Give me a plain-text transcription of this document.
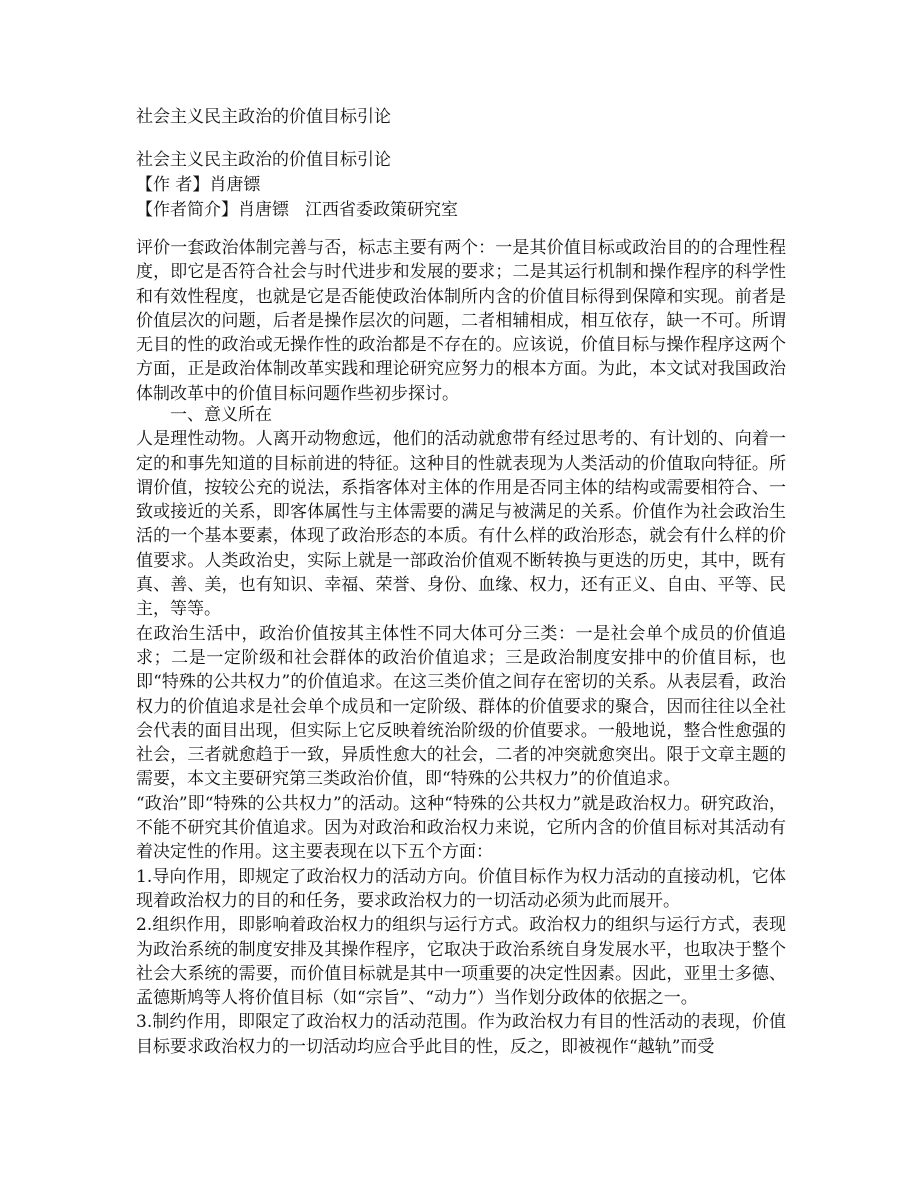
社会主义民主政治的价值目标引论
社会主义民主政治的价值目标引论
【作 者】肖唐镖
【作者简介】肖唐镖 江西省委政策研究室

评价一套政治体制完善与否，标志主要有两个：一是其价值目标或政治目的的合理性程度，即它是否符合社会与时代进步和发展的要求；二是其运行机制和操作程序的科学性和有效性程度，也就是它是否能使政治体制所内含的价值目标得到保障和实现。前者是价值层次的问题，后者是操作层次的问题，二者相辅相成，相互依存，缺一不可。所谓无目的性的政治或无操作性的政治都是不存在的。应该说，价值目标与操作程序这两个方面，正是政治体制改革实践和理论研究应努力的根本方面。为此，本文试对我国政治体制改革中的价值目标问题作些初步探讨。

一、意义所在

人是理性动物。人离开动物愈远，他们的活动就愈带有经过思考的、有计划的、向着一定的和事先知道的目标前进的特征。这种目的性就表现为人类活动的价值取向特征。所谓价值，按较公充的说法，系指客体对主体的作用是否同主体的结构或需要相符合、一致或接近的关系，即客体属性与主体需要的满足与被满足的关系。价值作为社会政治生活的一个基本要素，体现了政治形态的本质。有什么样的政治形态，就会有什么样的价值要求。人类政治史，实际上就是一部政治价值观不断转换与更迭的历史，其中，既有真、善、美，也有知识、幸福、荣誉、身份、血缘、权力，还有正义、自由、平等、民主，等等。

在政治生活中，政治价值按其主体性不同大体可分三类：一是社会单个成员的价值追求；二是一定阶级和社会群体的政治价值追求；三是政治制度安排中的价值目标，也即“特殊的公共权力”的价值追求。在这三类价值之间存在密切的关系。从表层看，政治权力的价值追求是社会单个成员和一定阶级、群体的价值要求的聚合，因而往往以全社会代表的面目出现，但实际上它反映着统治阶级的价值要求。一般地说，整合性愈强的社会，三者就愈趋于一致，异质性愈大的社会，二者的冲突就愈突出。限于文章主题的需要，本文主要研究第三类政治价值，即“特殊的公共权力”的价值追求。

“政治”即“特殊的公共权力”的活动。这种“特殊的公共权力”就是政治权力。研究政治，不能不研究其价值追求。因为对政治和政治权力来说，它所内含的价值目标对其活动有着决定性的作用。这主要表现在以下五个方面：

1.导向作用，即规定了政治权力的活动方向。价值目标作为权力活动的直接动机，它体现着政治权力的目的和任务，要求政治权力的一切活动必须为此而展开。

2.组织作用，即影响着政治权力的组织与运行方式。政治权力的组织与运行方式，表现为政治系统的制度安排及其操作程序，它取决于政治系统自身发展水平，也取决于整个社会大系统的需要，而价值目标就是其中一项重要的决定性因素。因此，亚里士多德、孟德斯鸠等人将价值目标（如“宗旨”、“动力”）当作划分政体的依据之一。

3.制约作用，即限定了政治权力的活动范围。作为政治权力有目的性活动的表现，价值目标要求政治权力的一切活动均应合乎此目的性，反之，即被视作“越轨”而受
